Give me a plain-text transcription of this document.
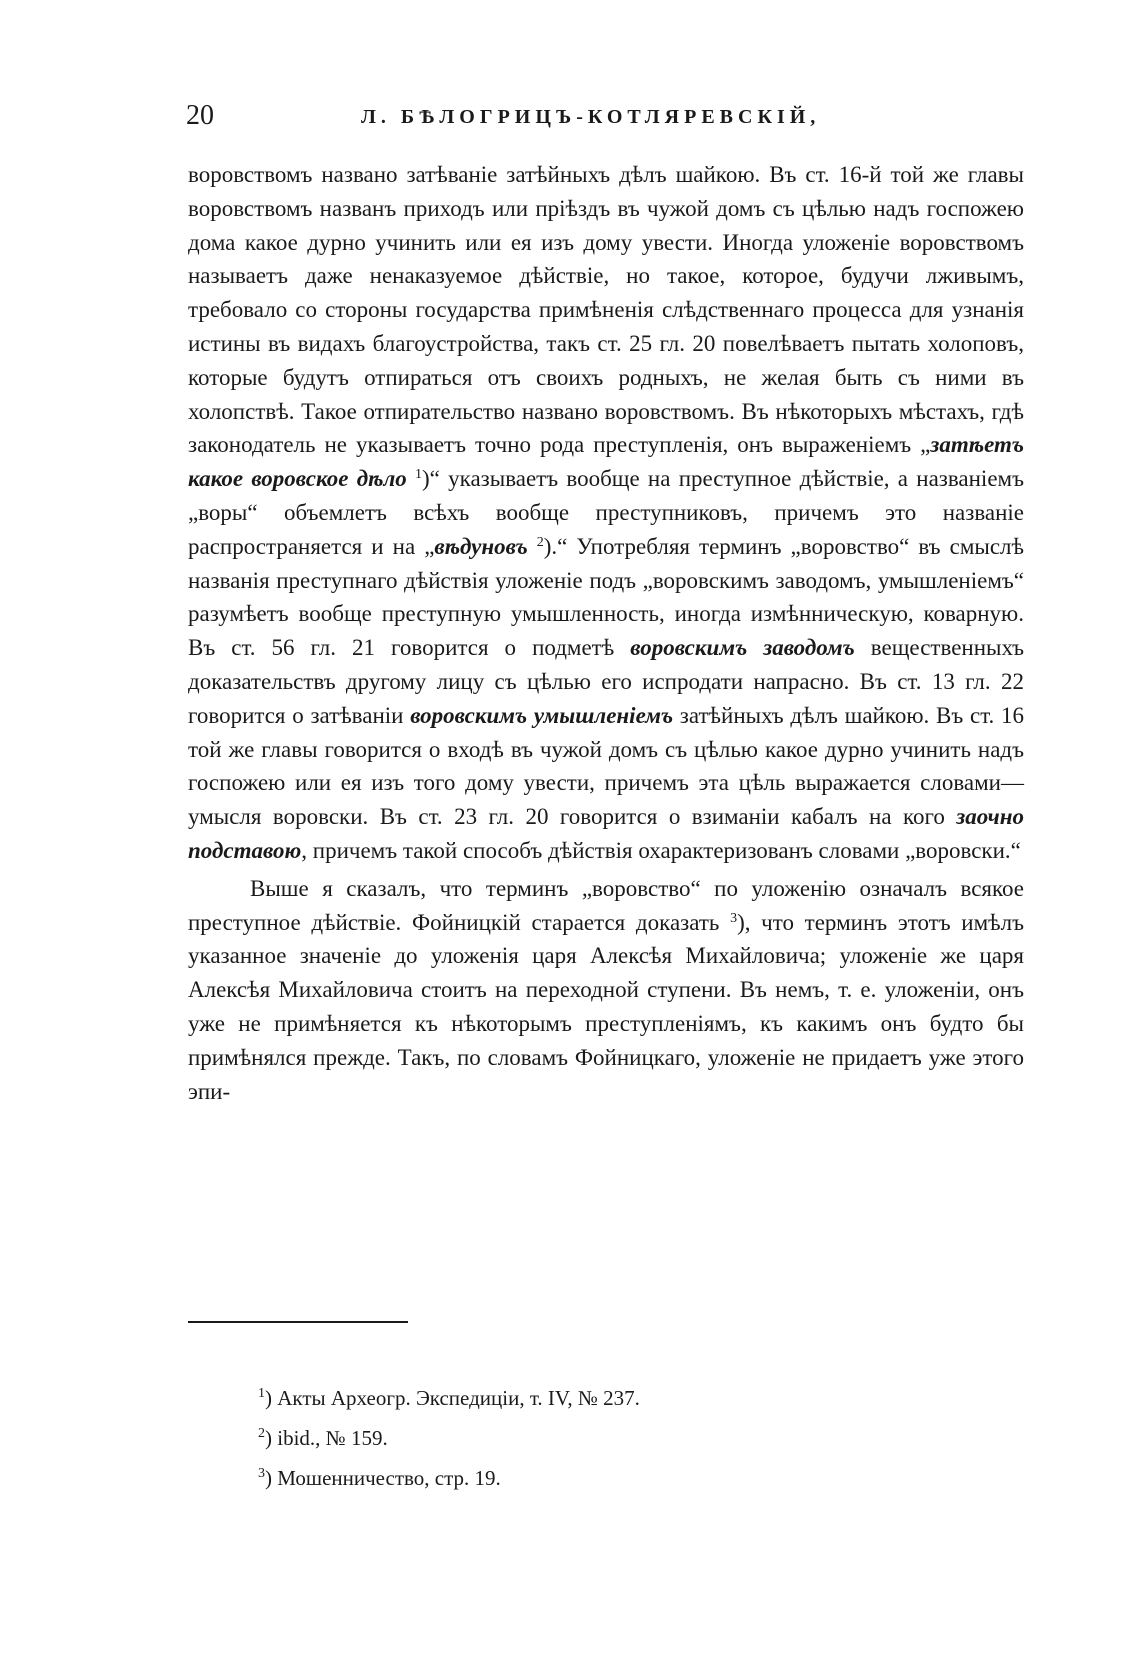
20	Л. БѢЛОГРИЦЪ-КОТЛЯРЕВСКІЙ,

воровствомъ названо затѣваніе затѣйныхъ дѣлъ шайкою. Въ ст. 16-й той же главы воровствомъ названъ приходъ или пріѣздъ въ чужой домъ съ цѣлью надъ госпожею дома какое дурно учинить или ея изъ дому увести. Иногда уложеніе воровствомъ называетъ даже ненаказуемое дѣйствіе, но такое, которое, будучи лживымъ, требовало со стороны государства примѣненія слѣдственнаго процесса для узнанія истины въ видахъ благоустройства, такъ ст. 25 гл. 20 повелѣваетъ пытать холоповъ, которые будутъ отпираться отъ своихъ родныхъ, не желая быть съ ними въ холопствѣ. Такое отпирательство названо воровствомъ. Въ нѣкоторыхъ мѣстахъ, гдѣ законодатель не указываетъ точно рода преступленія, онъ выраженіемъ „затѣетъ какое воровское дѣло $^1$)“ указываетъ вообще на преступное дѣйствіе, а названіемъ „воры“ объемлетъ всѣхъ вообще преступниковъ, причемъ это названіе распространяется и на „вѣдуновъ $^2$).“ Употребляя терминъ „воровство“ въ смыслѣ названія преступнаго дѣйствія уложеніе подъ „воровскимъ заводомъ, умышленіемъ“ разумѣетъ вообще преступную умышленность, иногда измѣнническую, коварную. Въ ст. 56 гл. 21 говорится о подметѣ воровскимъ заводомъ вещественныхъ доказательствъ другому лицу съ цѣлью его испродати напрасно. Въ ст. 13 гл. 22 говорится о затѣваніи воровскимъ умышленіемъ затѣйныхъ дѣлъ шайкою. Въ ст. 16 той же главы говорится о входѣ въ чужой домъ съ цѣлью какое дурно учинить надъ госпожею или ея изъ того дому увести, причемъ эта цѣль выражается словами—умысля воровски. Въ ст. 23 гл. 20 говорится о взиманіи кабалъ на кого заочно подставою, причемъ такой способъ дѣйствія охарактеризованъ словами „воровски.“

Выше я сказалъ, что терминъ „воровство“ по уложенію означалъ всякое преступное дѣйствіе. Фойницкій старается доказать $^3$), что терминъ этотъ имѣлъ указанное значеніе до уложенія царя Алексѣя Михайловича; уложеніе же царя Алексѣя Михайловича стоитъ на переходной ступени. Въ немъ, т. е. уложеніи, онъ уже не примѣняется къ нѣкоторымъ преступленіямъ, къ какимъ онъ будто бы примѣнялся прежде. Такъ, по словамъ Фойницкаго, уложеніе не придаетъ уже этого эпи-

$^1$) Акты Археогр. Экспедиціи, т. IV, № 237.
$^2$) ibid., № 159.
$^3$) Мошенничество, стр. 19.
